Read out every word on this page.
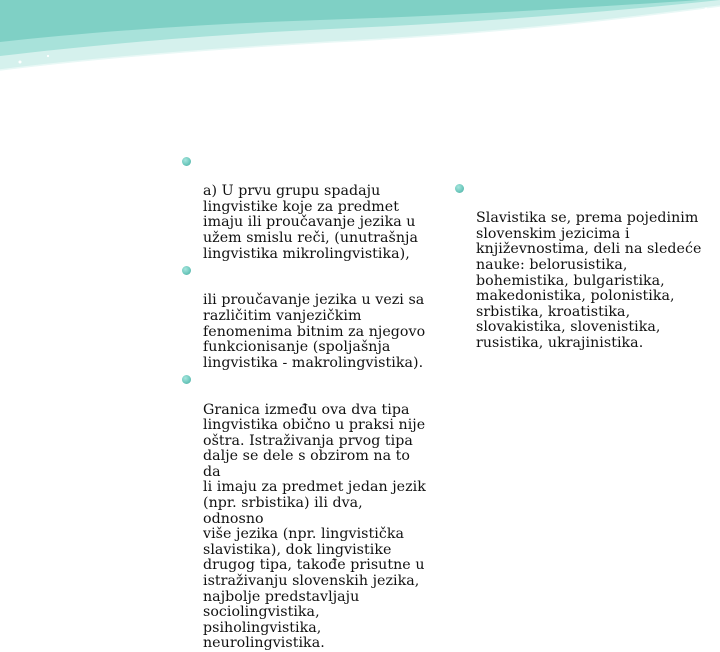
a) U prvu grupu spadaju
lingvistike koje za predmet
imaju ili proučavanje jezika u
užem smislu reči, (unutrašnja
lingvistika mikrolingvistika),

ili proučavanje jezika u vezi sa
različitim vanjezičkim
fenomenima bitnim za njegovo
funkcionisanje (spoljašnja
lingvistika - makrolingvistika).

Granica između ova dva tipa
lingvistika obično u praksi nije
oštra. Istraživanja prvog tipa
dalje se dele s obzirom na to da
li imaju za predmet jedan jezik
(npr. srbistika) ili dva, odnosno
više jezika (npr. lingvistička
slavistika), dok lingvistike
drugog tipa, takođe prisutne u
istraživanju slovenskih jezika,
najbolje predstavljaju
sociolingvistika,
psiholingvistika,
neurolingvistika.

Slavistika se, prema pojedinim
slovenskim jezicima i
književnostima, deli na sledeće
nauke: belorusistika,
bohemistika, bulgaristika,
makedonistika, polonistika,
srbistika, kroatistika,
slovakistika, slovenistika,
rusistika, ukrajinistika.
